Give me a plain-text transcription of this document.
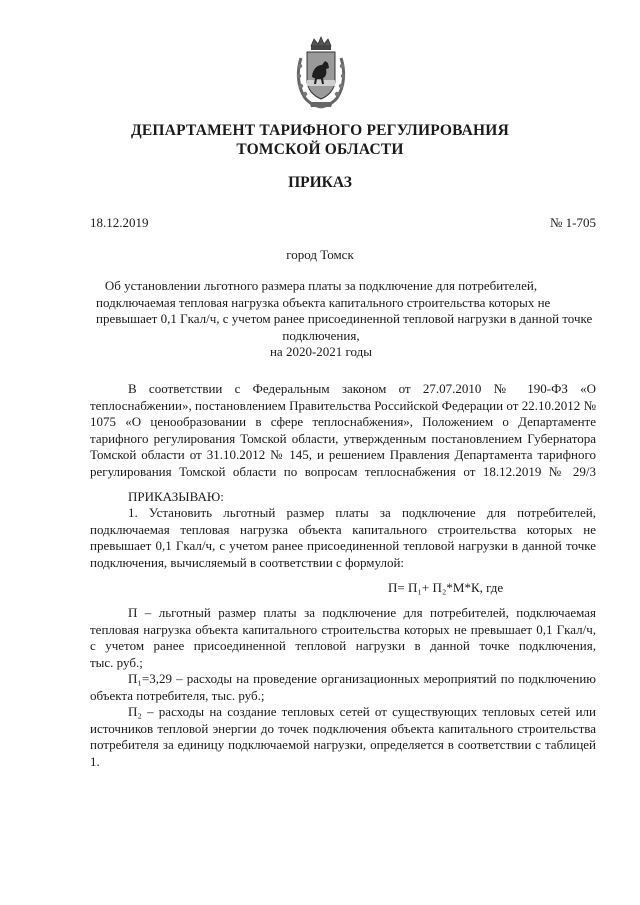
ДЕПАРТАМЕНТ ТАРИФНОГО РЕГУЛИРОВАНИЯ
ТОМСКОЙ ОБЛАСТИ
ПРИКАЗ
18.12.2019	№ 1-705
город Томск
Об установлении льготного размера платы за подключение для потребителей,
подключаемая тепловая нагрузка объекта капитального строительства которых не
превышает 0,1 Гкал/ч, с учетом ранее присоединенной тепловой нагрузки в данной точке
подключения,
на 2020-2021 годы
В соответствии с Федеральным законом от 27.07.2010 № 190-ФЗ «О
теплоснабжении», постановлением Правительства Российской Федерации от 22.10.2012 №
1075 «О ценообразовании в сфере теплоснабжения», Положением о Департаменте
тарифного регулирования Томской области, утвержденным постановлением Губернатора
Томской области от 31.10.2012 № 145, и решением Правления Департамента тарифного
регулирования Томской области по вопросам теплоснабжения от 18.12.2019 № 29/3
ПРИКАЗЫВАЮ:
1. Установить льготный размер платы за подключение для потребителей,
подключаемая тепловая нагрузка объекта капитального строительства которых не
превышает 0,1 Гкал/ч, с учетом ранее присоединенной тепловой нагрузки в данной точке
подключения, вычисляемый в соответствии с формулой:
П= П₁+ П₂*М*К, где
П – льготный размер платы за подключение для потребителей, подключаемая
тепловая нагрузка объекта капитального строительства которых не превышает 0,1 Гкал/ч,
с учетом ранее присоединенной тепловой нагрузки в данной точке подключения,
тыс. руб.;
П₁=3,29 – расходы на проведение организационных мероприятий по подключению
объекта потребителя, тыс. руб.;
П₂ – расходы на создание тепловых сетей от существующих тепловых сетей или
источников тепловой энергии до точек подключения объекта капитального строительства
потребителя за единицу подключаемой нагрузки, определяется в соответствии с таблицей
1.
